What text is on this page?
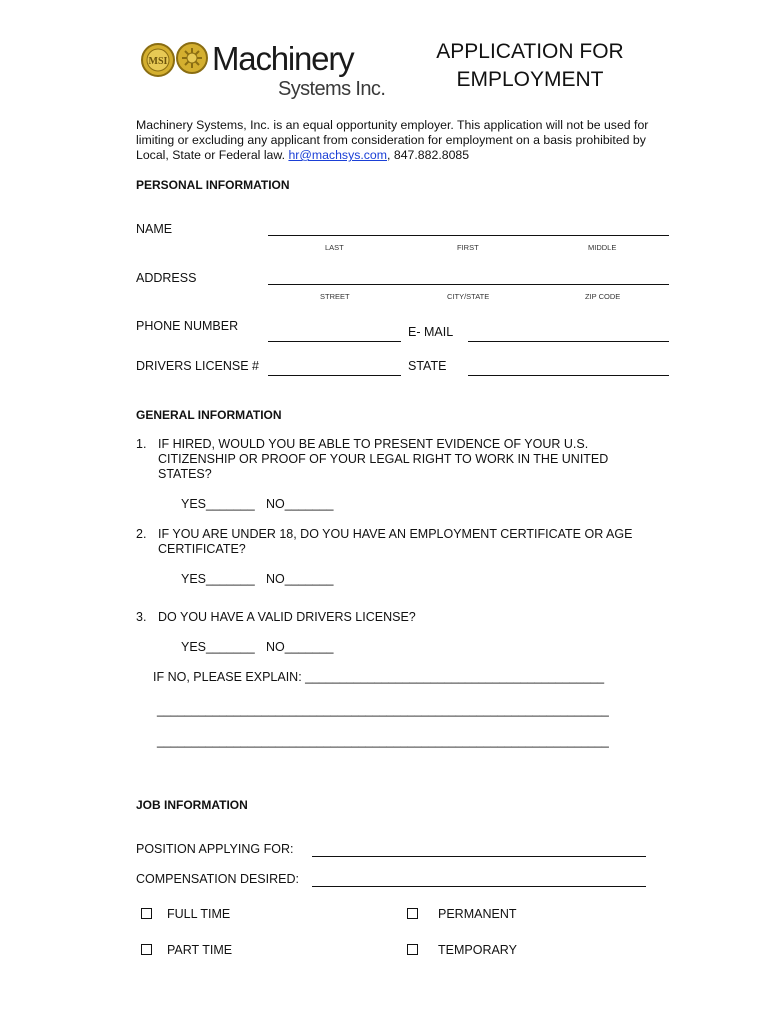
MSI Machinery
Systems Inc.
APPLICATION FOR
EMPLOYMENT
Machinery Systems, Inc. is an equal opportunity employer. This application will not be used for limiting or excluding any applicant from consideration for employment on a basis prohibited by Local, State or Federal law. hr@machsys.com, 847.882.8085
PERSONAL INFORMATION
NAME
LAST	FIRST	MIDDLE
ADDRESS
STREET	CITY/STATE	ZIP CODE
PHONE NUMBER	E- MAIL
DRIVERS LICENSE #	STATE
GENERAL INFORMATION
1. IF HIRED, WOULD YOU BE ABLE TO PRESENT EVIDENCE OF YOUR U.S. CITIZENSHIP OR PROOF OF YOUR LEGAL RIGHT TO WORK IN THE UNITED STATES?
YES_______ NO_______
2. IF YOU ARE UNDER 18, DO YOU HAVE AN EMPLOYMENT CERTIFICATE OR AGE CERTIFICATE?
YES_______ NO_______
3. DO YOU HAVE A VALID DRIVERS LICENSE?
YES_______ NO_______
IF NO, PLEASE EXPLAIN: ___________________________________________
_________________________________________________________________
_________________________________________________________________
JOB INFORMATION
POSITION APPLYING FOR:
COMPENSATION DESIRED:
FULL TIME	PERMANENT
PART TIME	TEMPORARY
